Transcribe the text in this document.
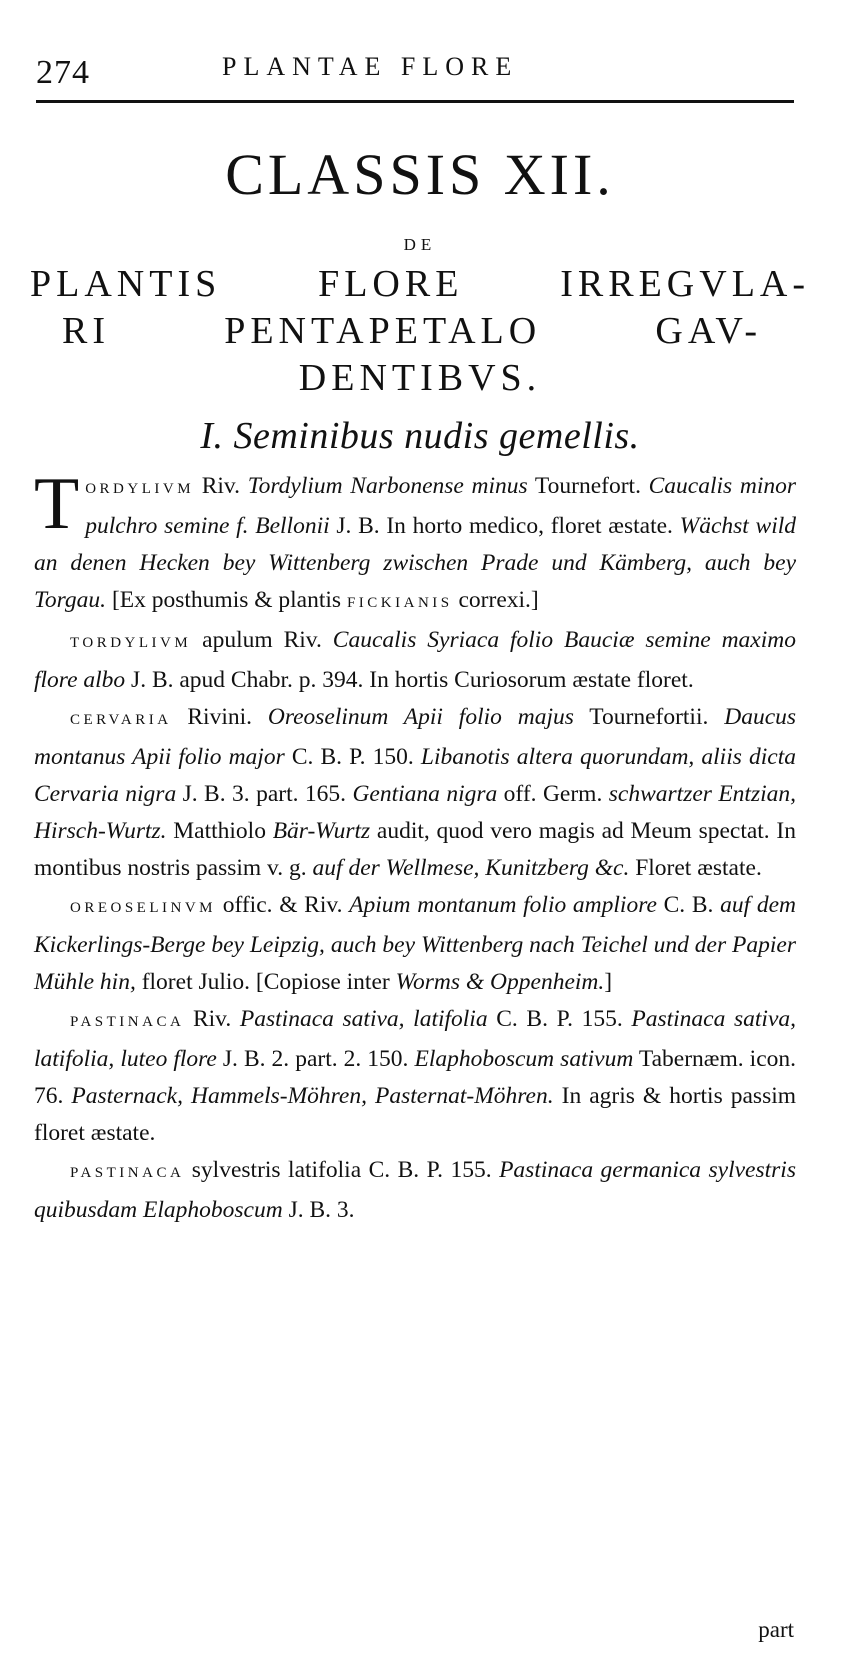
274	PLANTAE FLORE
CLASSIS XII.
DE
PLANTIS FLORE IRREGVLA-
RI PENTAPETALO GAV-
DENTIBVS.
I. Seminibus nudis gemellis.

TORDYLIVM Riv. Tordylium Narbonense minus Tournefort. Caucalis minor pulchro semine f. Bellonii J. B. In horto medico, floret æstate. Wächst wild an denen Hecken bey Wittenberg zwischen Prade und Kämberg, auch bey Torgau. [Ex posthumis & plantis FICKIANIS correxi.]

TORDYLIVM apulum Riv. Caucalis Syriaca folio Bauciæ semine maximo flore albo J. B. apud Chabr. p. 394. In hortis Curiosorum æstate floret.

CERVARIA Rivini. Oreoselinum Apii folio majus Tournefortii. Daucus montanus Apii folio major C. B. P. 150. Libanotis altera quorundam, aliis dicta Cervaria nigra J. B. 3. part. 165. Gentiana nigra off. Germ. schwartzer Entzian, Hirsch-Wurtz. Matthiolo Bär-Wurtz audit, quod vero magis ad Meum spectat. In montibus nostris passim v. g. auf der Wellmese, Kunitzberg &c. Floret æstate.

OREOSELINVM offic. & Riv. Apium montanum folio ampliore C. B. auf dem Kickerlings-Berge bey Leipzig, auch bey Wittenberg nach Teichel und der Papier Mühle hin, floret Julio. [Copiose inter Worms & Oppenheim.]

PASTINACA Riv. Pastinaca sativa, latifolia C. B. P. 155. Pastinaca sativa, latifolia, luteo flore J. B. 2. part. 2. 150. Elaphoboscum sativum Tabernæm. icon. 76. Pasternack, Hammels-Möhren, Pasternat-Möhren. In agris & hortis passim floret æstate.

PASTINACA sylvestris latifolia C. B. P. 155. Pastinaca germanica sylvestris quibusdam Elaphoboscum J. B. 3.

part
